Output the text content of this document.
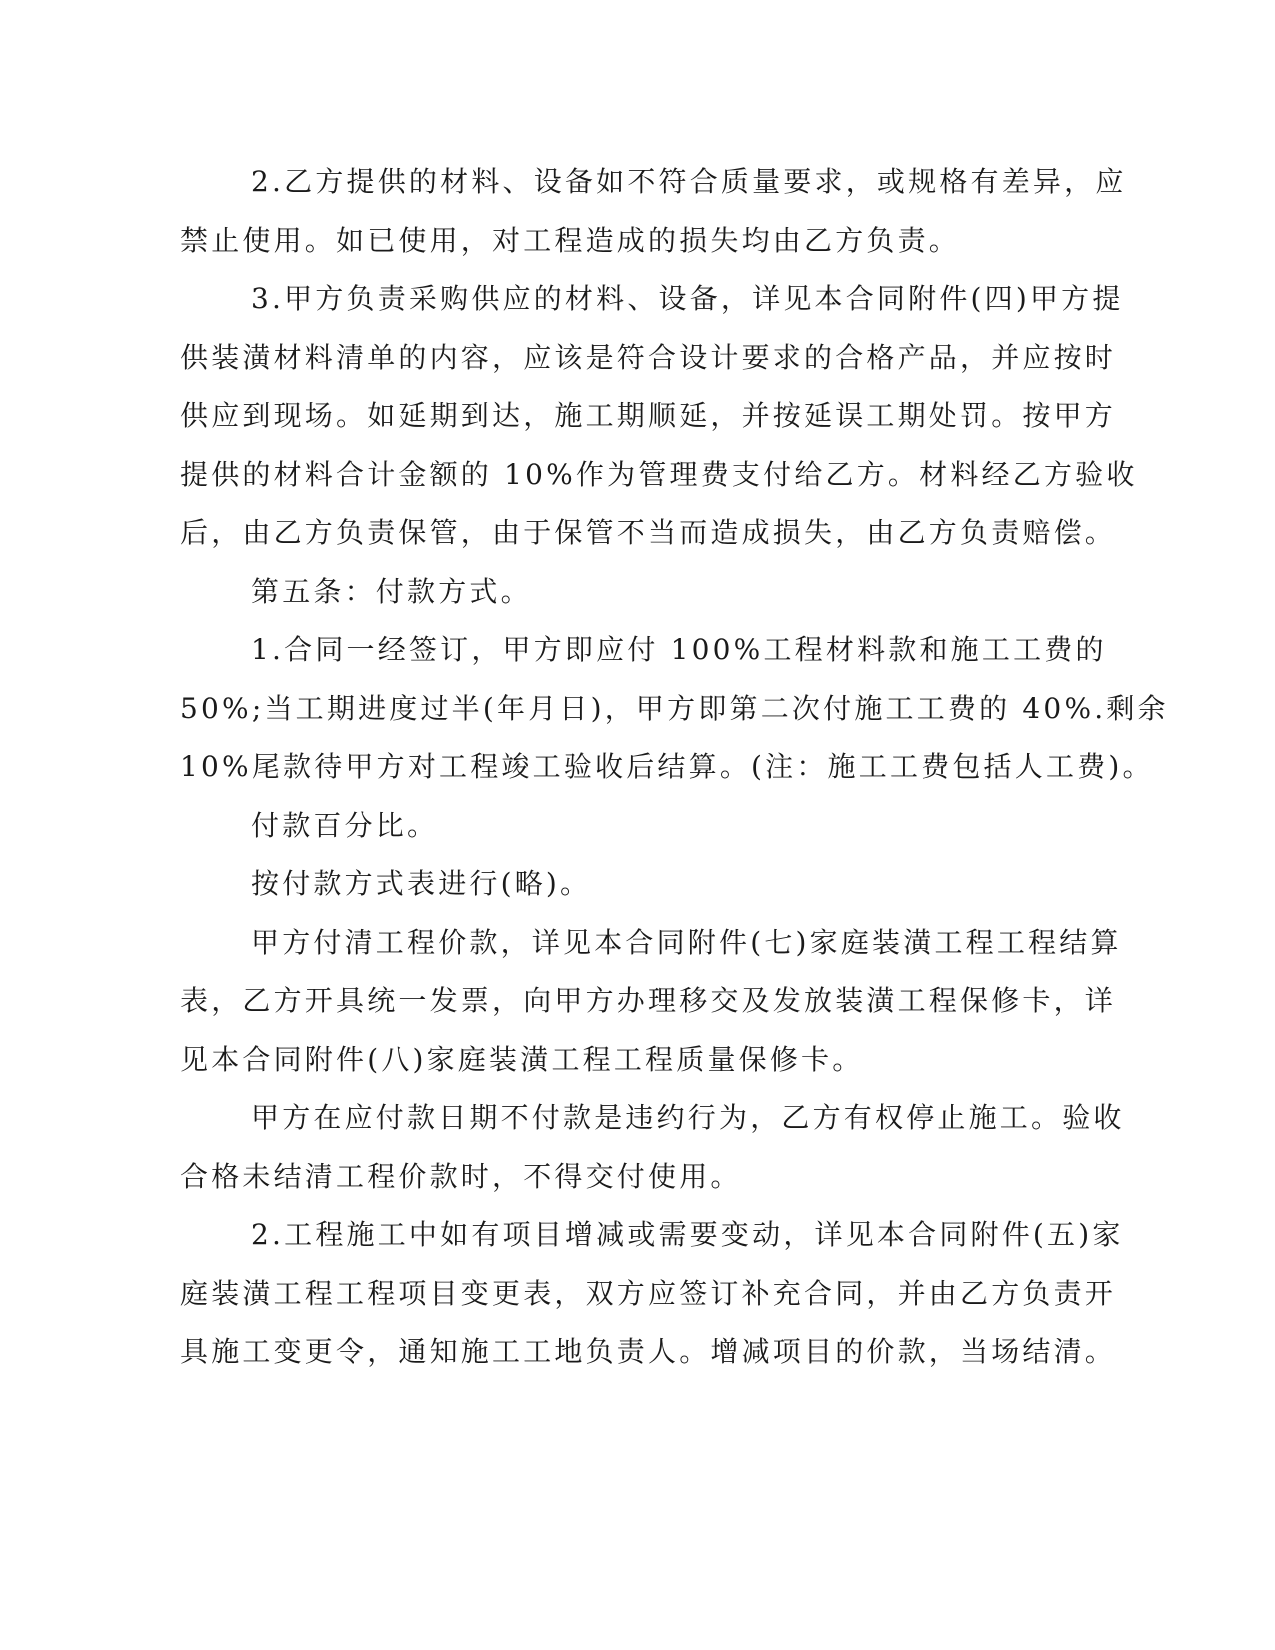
2.乙方提供的材料、设备如不符合质量要求，或规格有差异，应
禁止使用。如已使用，对工程造成的损失均由乙方负责。
3.甲方负责采购供应的材料、设备，详见本合同附件(四)甲方提
供装潢材料清单的内容，应该是符合设计要求的合格产品，并应按时
供应到现场。如延期到达，施工期顺延，并按延误工期处罚。按甲方
提供的材料合计金额的 10%作为管理费支付给乙方。材料经乙方验收
后，由乙方负责保管，由于保管不当而造成损失，由乙方负责赔偿。
第五条：付款方式。
1.合同一经签订，甲方即应付 100%工程材料款和施工工费的
50%;当工期进度过半(年月日)，甲方即第二次付施工工费的 40%.剩余
10%尾款待甲方对工程竣工验收后结算。(注：施工工费包括人工费)。
付款百分比。
按付款方式表进行(略)。
甲方付清工程价款，详见本合同附件(七)家庭装潢工程工程结算
表，乙方开具统一发票，向甲方办理移交及发放装潢工程保修卡，详
见本合同附件(八)家庭装潢工程工程质量保修卡。
甲方在应付款日期不付款是违约行为，乙方有权停止施工。验收
合格未结清工程价款时，不得交付使用。
2.工程施工中如有项目增减或需要变动，详见本合同附件(五)家
庭装潢工程工程项目变更表，双方应签订补充合同，并由乙方负责开
具施工变更令，通知施工工地负责人。增减项目的价款，当场结清。
